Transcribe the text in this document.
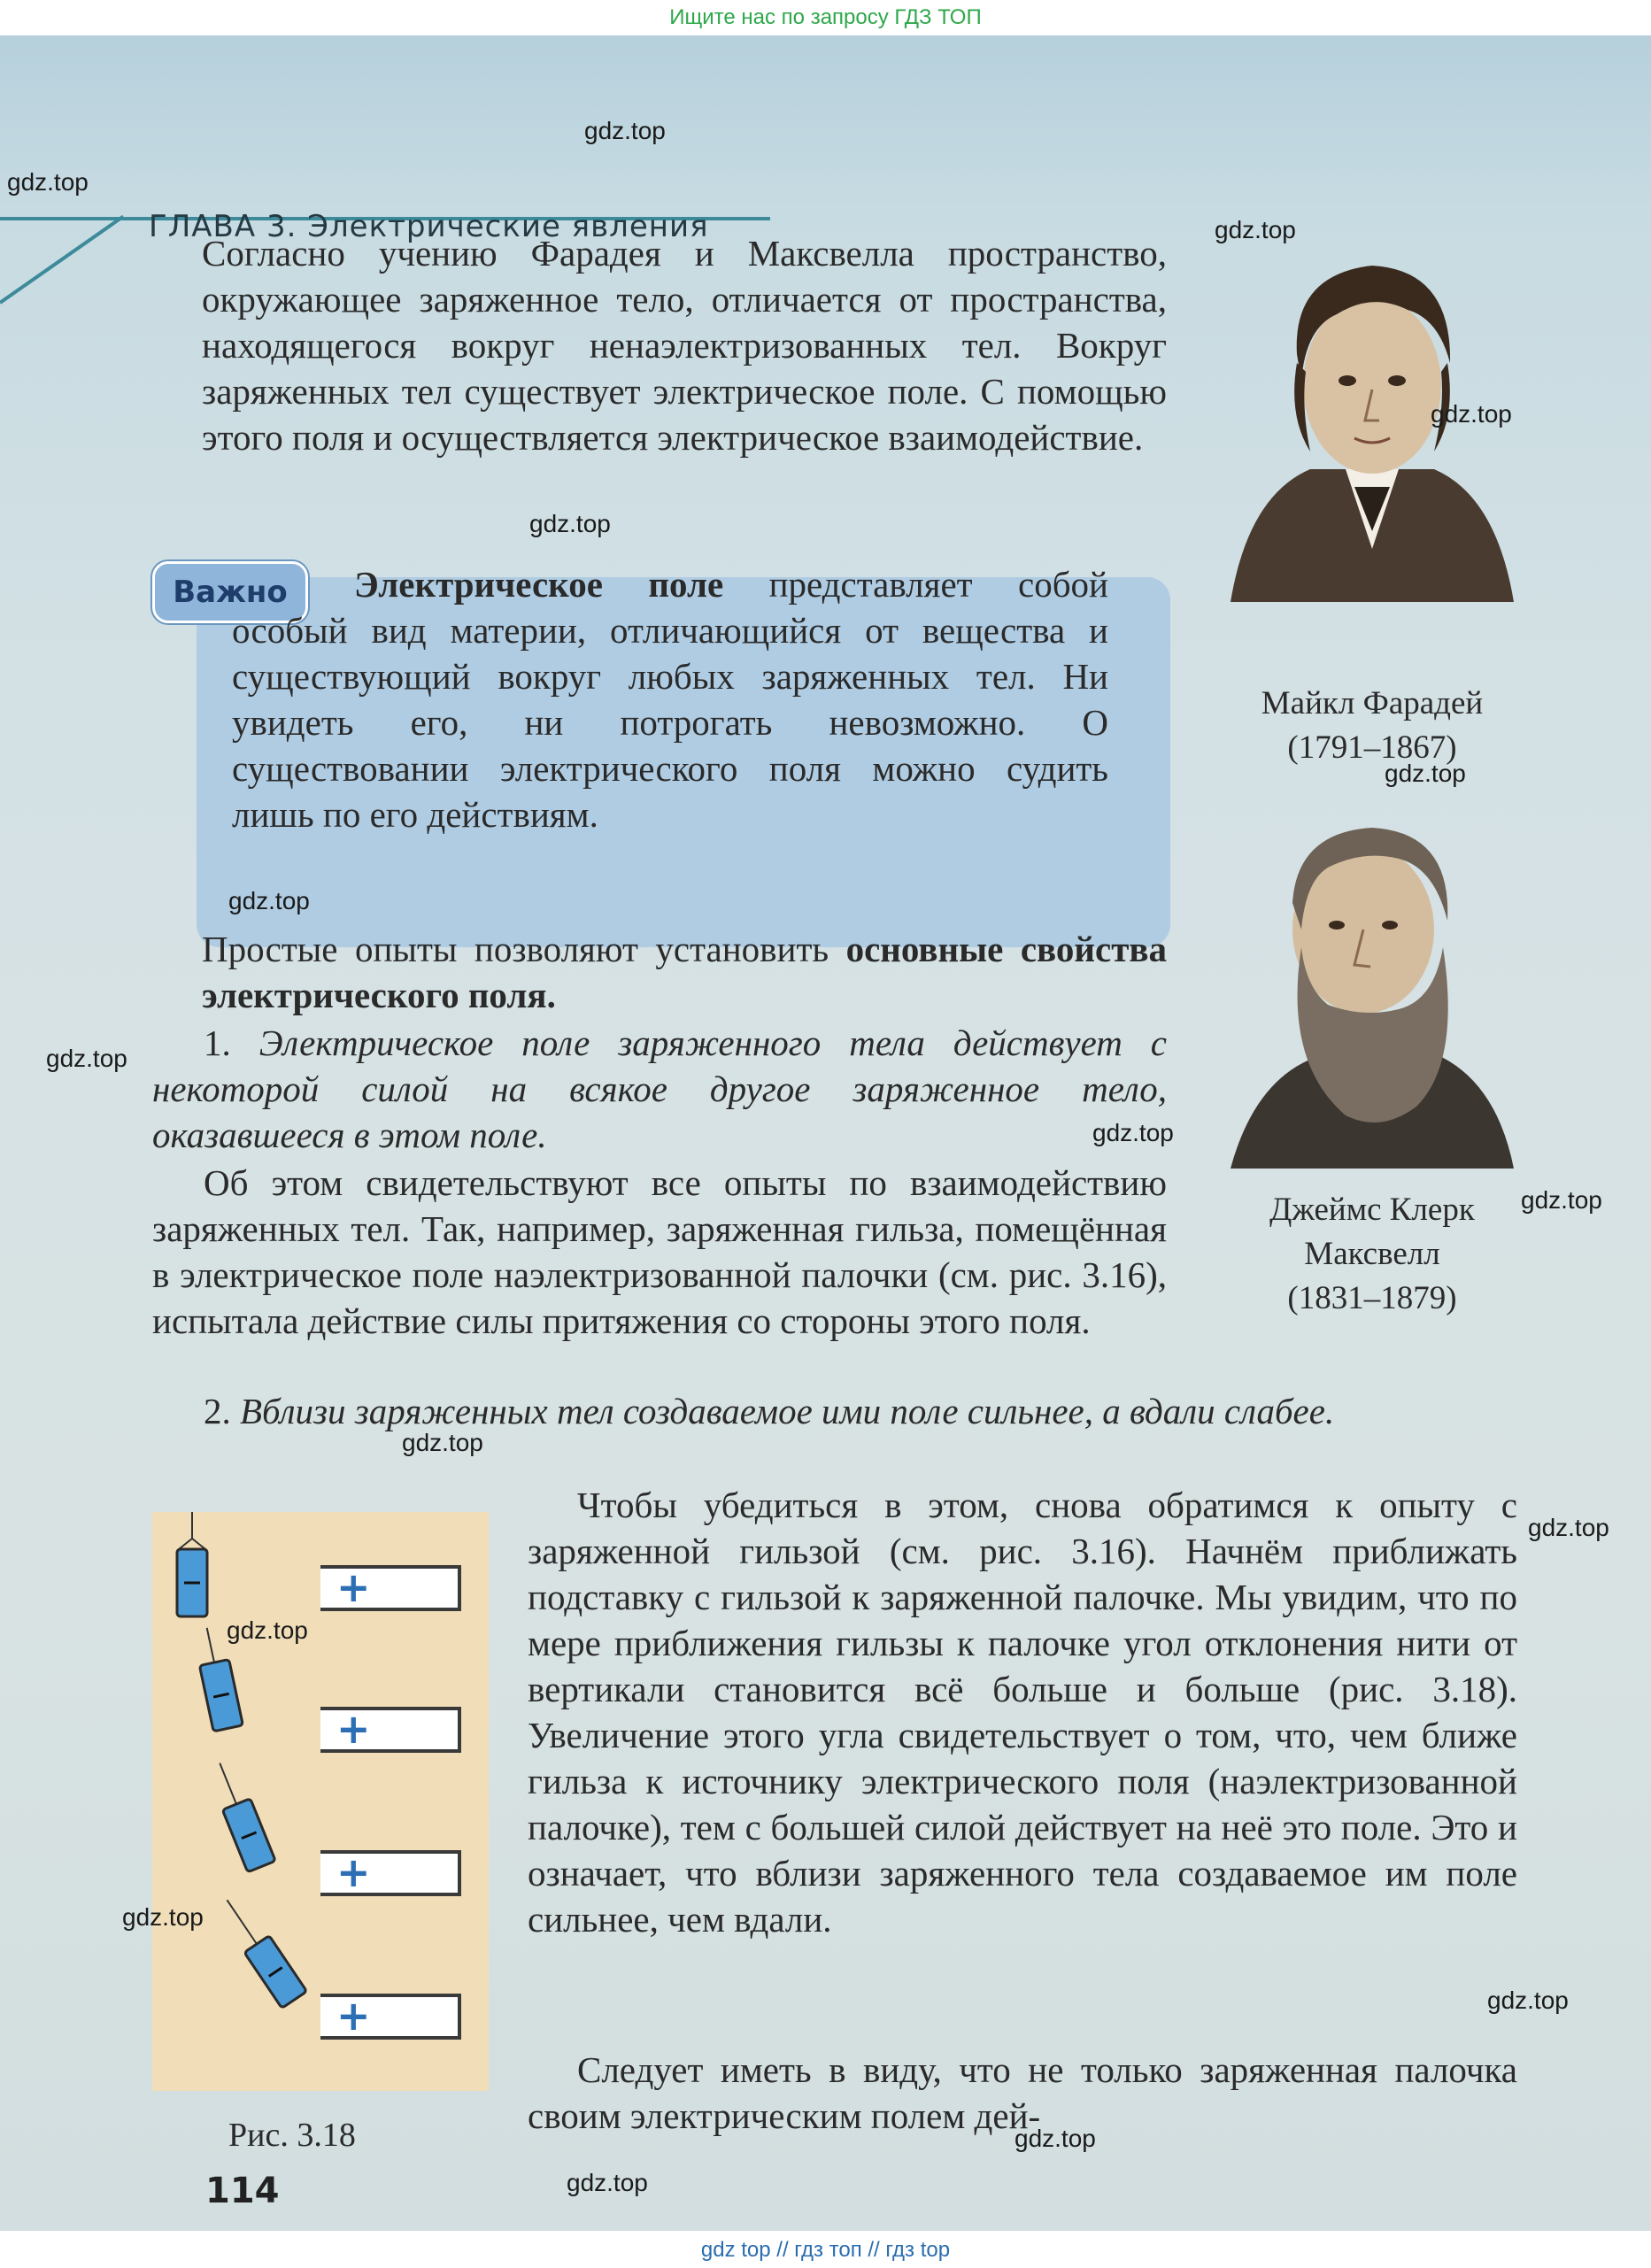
Ищите нас по запросу ГДЗ ТОП
ГЛАВА 3. Электрические явления

Согласно учению Фарадея и Максвелла пространство, окружающее заряженное тело, отличается от пространства, находящегося вокруг ненаэлектризованных тел. Вокруг заряженных тел существует электрическое поле. С помощью этого поля и осуществляется электрическое взаимодействие.

Важно	Электрическое поле представляет собой особый вид материи, отличающийся от вещества и существующий вокруг любых заряженных тел. Ни увидеть его, ни потрогать невозможно. О существовании электрического поля можно судить лишь по его действиям.

Простые опыты позволяют установить основные свойства электрического поля.

1. Электрическое поле заряженного тела действует с некоторой силой на всякое другое заряженное тело, оказавшееся в этом поле.

Об этом свидетельствуют все опыты по взаимодействию заряженных тел. Так, например, заряженная гильза, помещённая в электрическое поле наэлектризованной палочки (см. рис. 3.16), испытала действие силы притяжения со стороны этого поля.

2. Вблизи заряженных тел создаваемое ими поле сильнее, а вдали слабее.

Чтобы убедиться в этом, снова обратимся к опыту с заряженной гильзой (см. рис. 3.16). Начнём приближать подставку с гильзой к заряженной палочке. Мы увидим, что по мере приближения гильзы к палочке угол отклонения нити от вертикали становится всё больше и больше (рис. 3.18). Увеличение этого угла свидетельствует о том, что, чем ближе гильза к источнику электрического поля (наэлектризованной палочке), тем с большей силой действует на неё это поле. Это и означает, что вблизи заряженного тела создаваемое им поле сильнее, чем вдали.

Следует иметь в виду, что не только заряженная палочка своим электрическим полем дей-

Майкл Фарадей
(1791–1867)
Джеймс Клерк
Максвелл
(1831–1879)
+
+
+
+
Рис. 3.18
114
gdz.top
gdz.top
gdz.top
gdz.top
gdz.top
gdz.top
gdz.top
gdz.top
gdz.top
gdz.top
gdz.top
gdz.top
gdz.top
gdz.top
gdz.top
gdz.top
gdz.top
gdz top // гдз топ // гдз top
